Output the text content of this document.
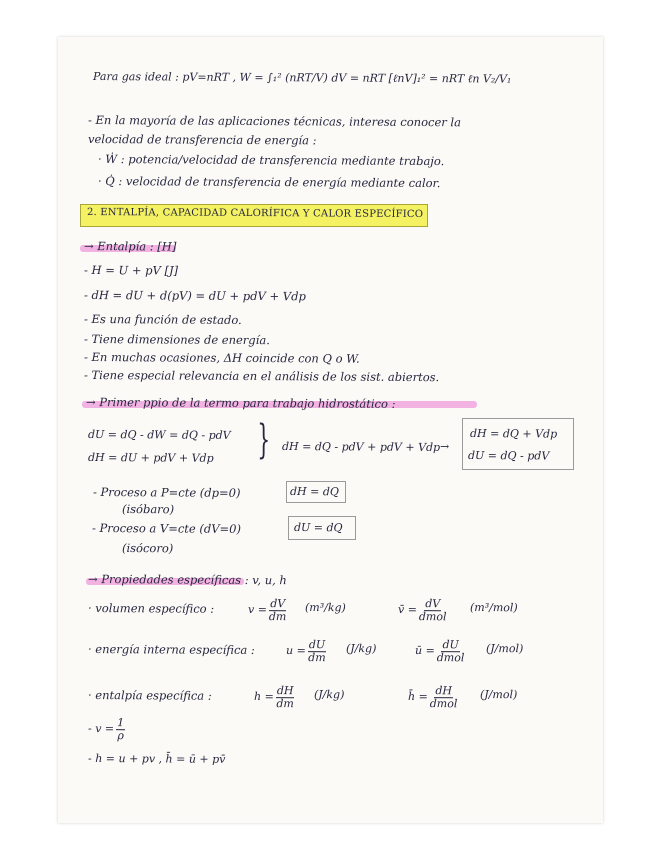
Para gas ideal : pV=nRT , W = ∫₁² (nRT/V) dV = nRT [ℓnV]₁² = nRT ℓn V₂/V₁
- En la mayoría de las aplicaciones técnicas, interesa conocer la
velocidad de transferencia de energía :
· Ẇ : potencia/velocidad de transferencia mediante trabajo.
· Q̇ : velocidad de transferencia de energía mediante calor.
2. ENTALPÍA, CAPACIDAD CALORÍFICA Y CALOR ESPECÍFICO
→ Entalpía : [H]
- H = U + pV [J]
- dH = dU + d(pV) = dU + pdV + Vdp
- Es una función de estado.
- Tiene dimensiones de energía.
- En muchas ocasiones, ΔH coincide con Q o W.
- Tiene especial relevancia en el análisis de los sist. abiertos.
→ Primer ppio de la termo para trabajo hidrostático :
dU = dQ - dW = dQ - pdV
dH = dU + pdV + Vdp } dH = dQ - pdV + pdV + Vdp →
dH = dQ + Vdp
dU = dQ - pdV
- Proceso a P=cte (dp=0)	dH = dQ
(isóbaro)
- Proceso a V=cte (dV=0)	dU = dQ
(isócoro)
→ Propiedades específicas : v, u, h
· volumen específico :	$v = \frac{dV}{dm} (m^3/kg)$	v̄ = $\frac{dV}{\text{dmol}} (m^3/mol)$
· energía interna específica :	$u = \frac{dU}{dm} (J/kg)$	ū = $\frac{dU}{\text{dmol}} (J/mol)$
· entalpía específica :	$h = \frac{dH}{dm} (J/kg)$	h̄ = $\frac{dH}{\text{dmol}} (J/mol)$
- $v = \frac{1}{\rho}$
- h = u + pv , h̄ = ū + pv̄
